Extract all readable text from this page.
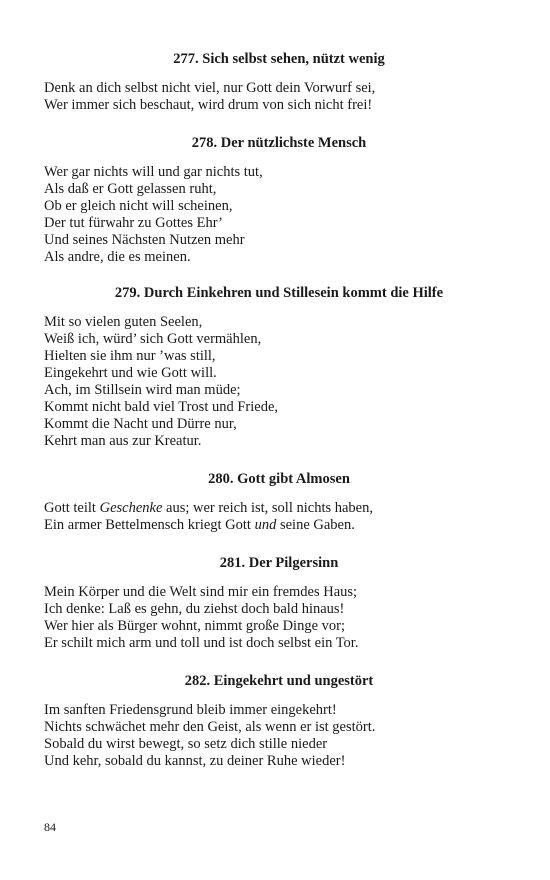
277. Sich selbst sehen, nützt wenig

Denk an dich selbst nicht viel, nur Gott dein Vorwurf sei,

Wer immer sich beschaut, wird drum von sich nicht frei!

278. Der nützlichste Mensch

Wer gar nichts will und gar nichts tut,

Als daß er Gott gelassen ruht,

Ob er gleich nicht will scheinen,

Der tut fürwahr zu Gottes Ehr’

Und seines Nächsten Nutzen mehr

Als andre, die es meinen.

279. Durch Einkehren und Stillesein kommt die Hilfe

Mit so vielen guten Seelen,

Weiß ich, würd’ sich Gott vermählen,

Hielten sie ihm nur ’was still,

Eingekehrt und wie Gott will.

Ach, im Stillsein wird man müde;

Kommt nicht bald viel Trost und Friede,

Kommt die Nacht und Dürre nur,

Kehrt man aus zur Kreatur.

280. Gott gibt Almosen

Gott teilt Geschenke aus; wer reich ist, soll nichts haben,

Ein armer Bettelmensch kriegt Gott und seine Gaben.

281. Der Pilgersinn

Mein Körper und die Welt sind mir ein fremdes Haus;

Ich denke: Laß es gehn, du ziehst doch bald hinaus!

Wer hier als Bürger wohnt, nimmt große Dinge vor;

Er schilt mich arm und toll und ist doch selbst ein Tor.

282. Eingekehrt und ungestört

Im sanften Friedensgrund bleib immer eingekehrt!

Nichts schwächet mehr den Geist, als wenn er ist gestört.

Sobald du wirst bewegt, so setz dich stille nieder

Und kehr, sobald du kannst, zu deiner Ruhe wieder!

84
